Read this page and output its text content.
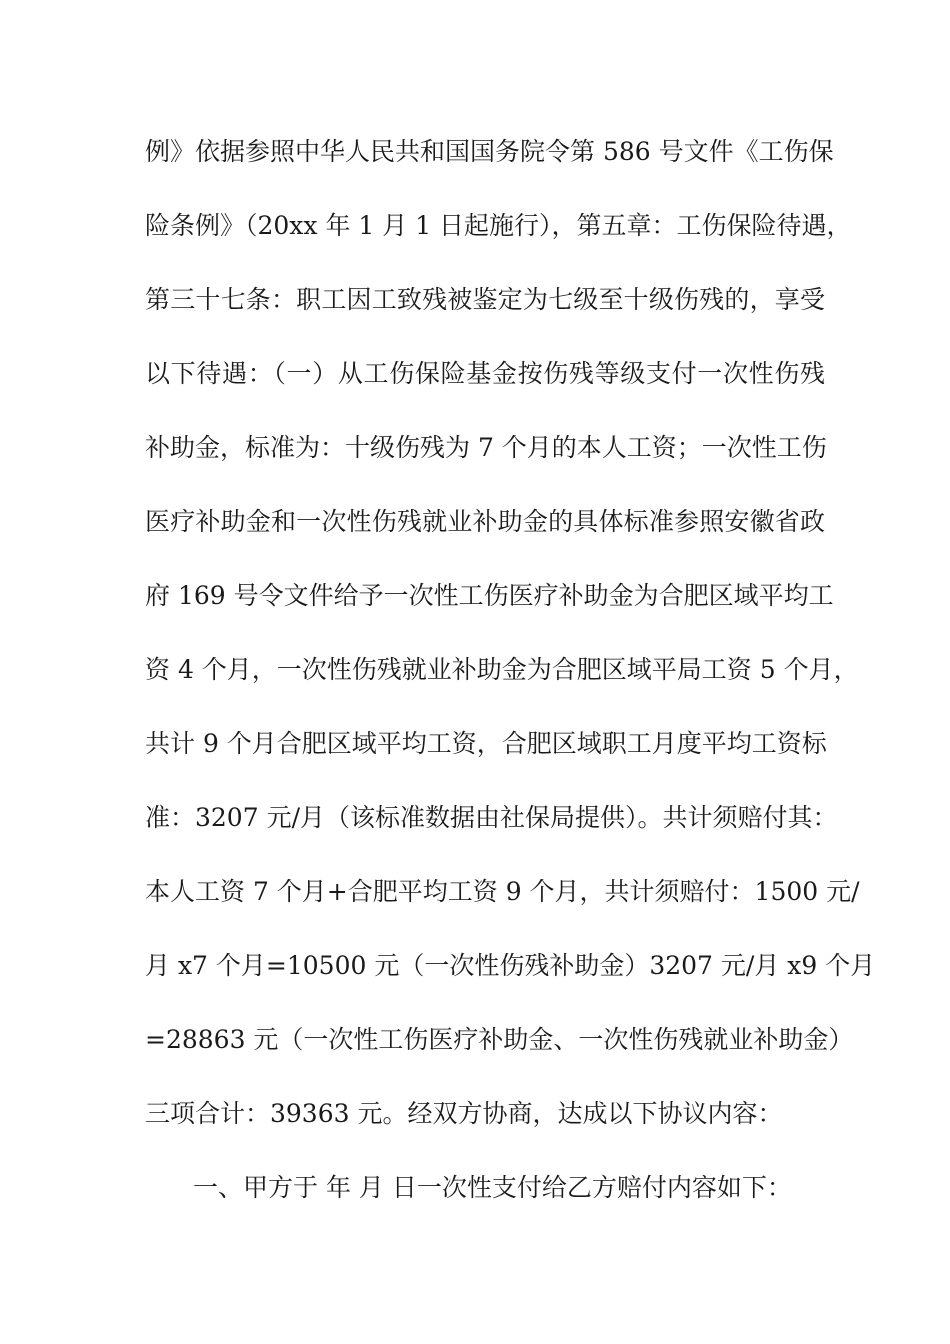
例》依据参照中华人民共和国国务院令第 586 号文件《工伤保
险条例》（20xx 年 1 月 1 日起施行），第五章：工伤保险待遇，
第三十七条：职工因工致残被鉴定为七级至十级伤残的，享受
以下待遇：（一）从工伤保险基金按伤残等级支付一次性伤残
补助金，标准为：十级伤残为 7 个月的本人工资；一次性工伤
医疗补助金和一次性伤残就业补助金的具体标准参照安徽省政
府 169 号令文件给予一次性工伤医疗补助金为合肥区域平均工
资 4 个月，一次性伤残就业补助金为合肥区域平局工资 5 个月，
共计 9 个月合肥区域平均工资，合肥区域职工月度平均工资标
准：3207 元/月（该标准数据由社保局提供）。共计须赔付其：
本人工资 7 个月+合肥平均工资 9 个月，共计须赔付：1500 元/
月 x7 个月=10500 元（一次性伤残补助金）3207 元/月 x9 个月
=28863 元（一次性工伤医疗补助金、一次性伤残就业补助金）
三项合计：39363 元。经双方协商，达成以下协议内容：
一、甲方于 年 月 日一次性支付给乙方赔付内容如下：
